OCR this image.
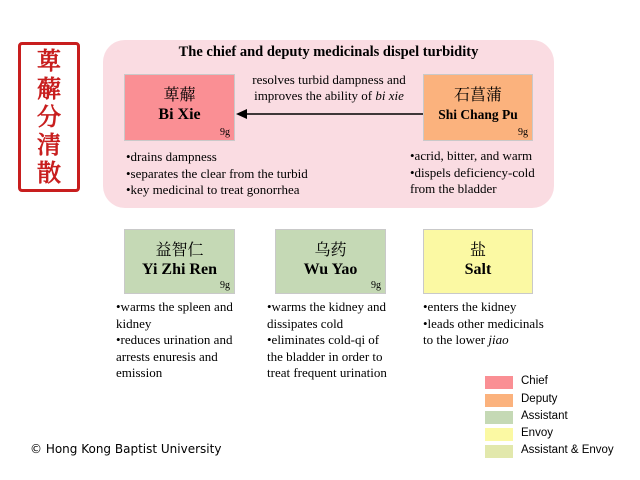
萆
薢
分
清
散
The chief and deputy medicinals dispel turbidity
萆薢
Bi Xie
9g
石菖蒲
Shi Chang Pu
9g
resolves turbid dampness and
improves the ability of bi xie
•drains dampness
•separates the clear from the turbid
•key medicinal to treat gonorrhea
•acrid, bitter, and warm
•dispels deficiency-cold
from the bladder
益智仁
Yi Zhi Ren
9g
乌药
Wu Yao
9g
盐
Salt
•warms the spleen and
kidney
•reduces urination and
arrests enuresis and
emission
•warms the kidney and
dissipates cold
•eliminates cold-qi of
the bladder in order to
treat frequent urination
•enters the kidney
•leads other medicinals
to the lower jiao
Chief
Deputy
Assistant
Envoy
Assistant & Envoy
© Hong Kong Baptist University
